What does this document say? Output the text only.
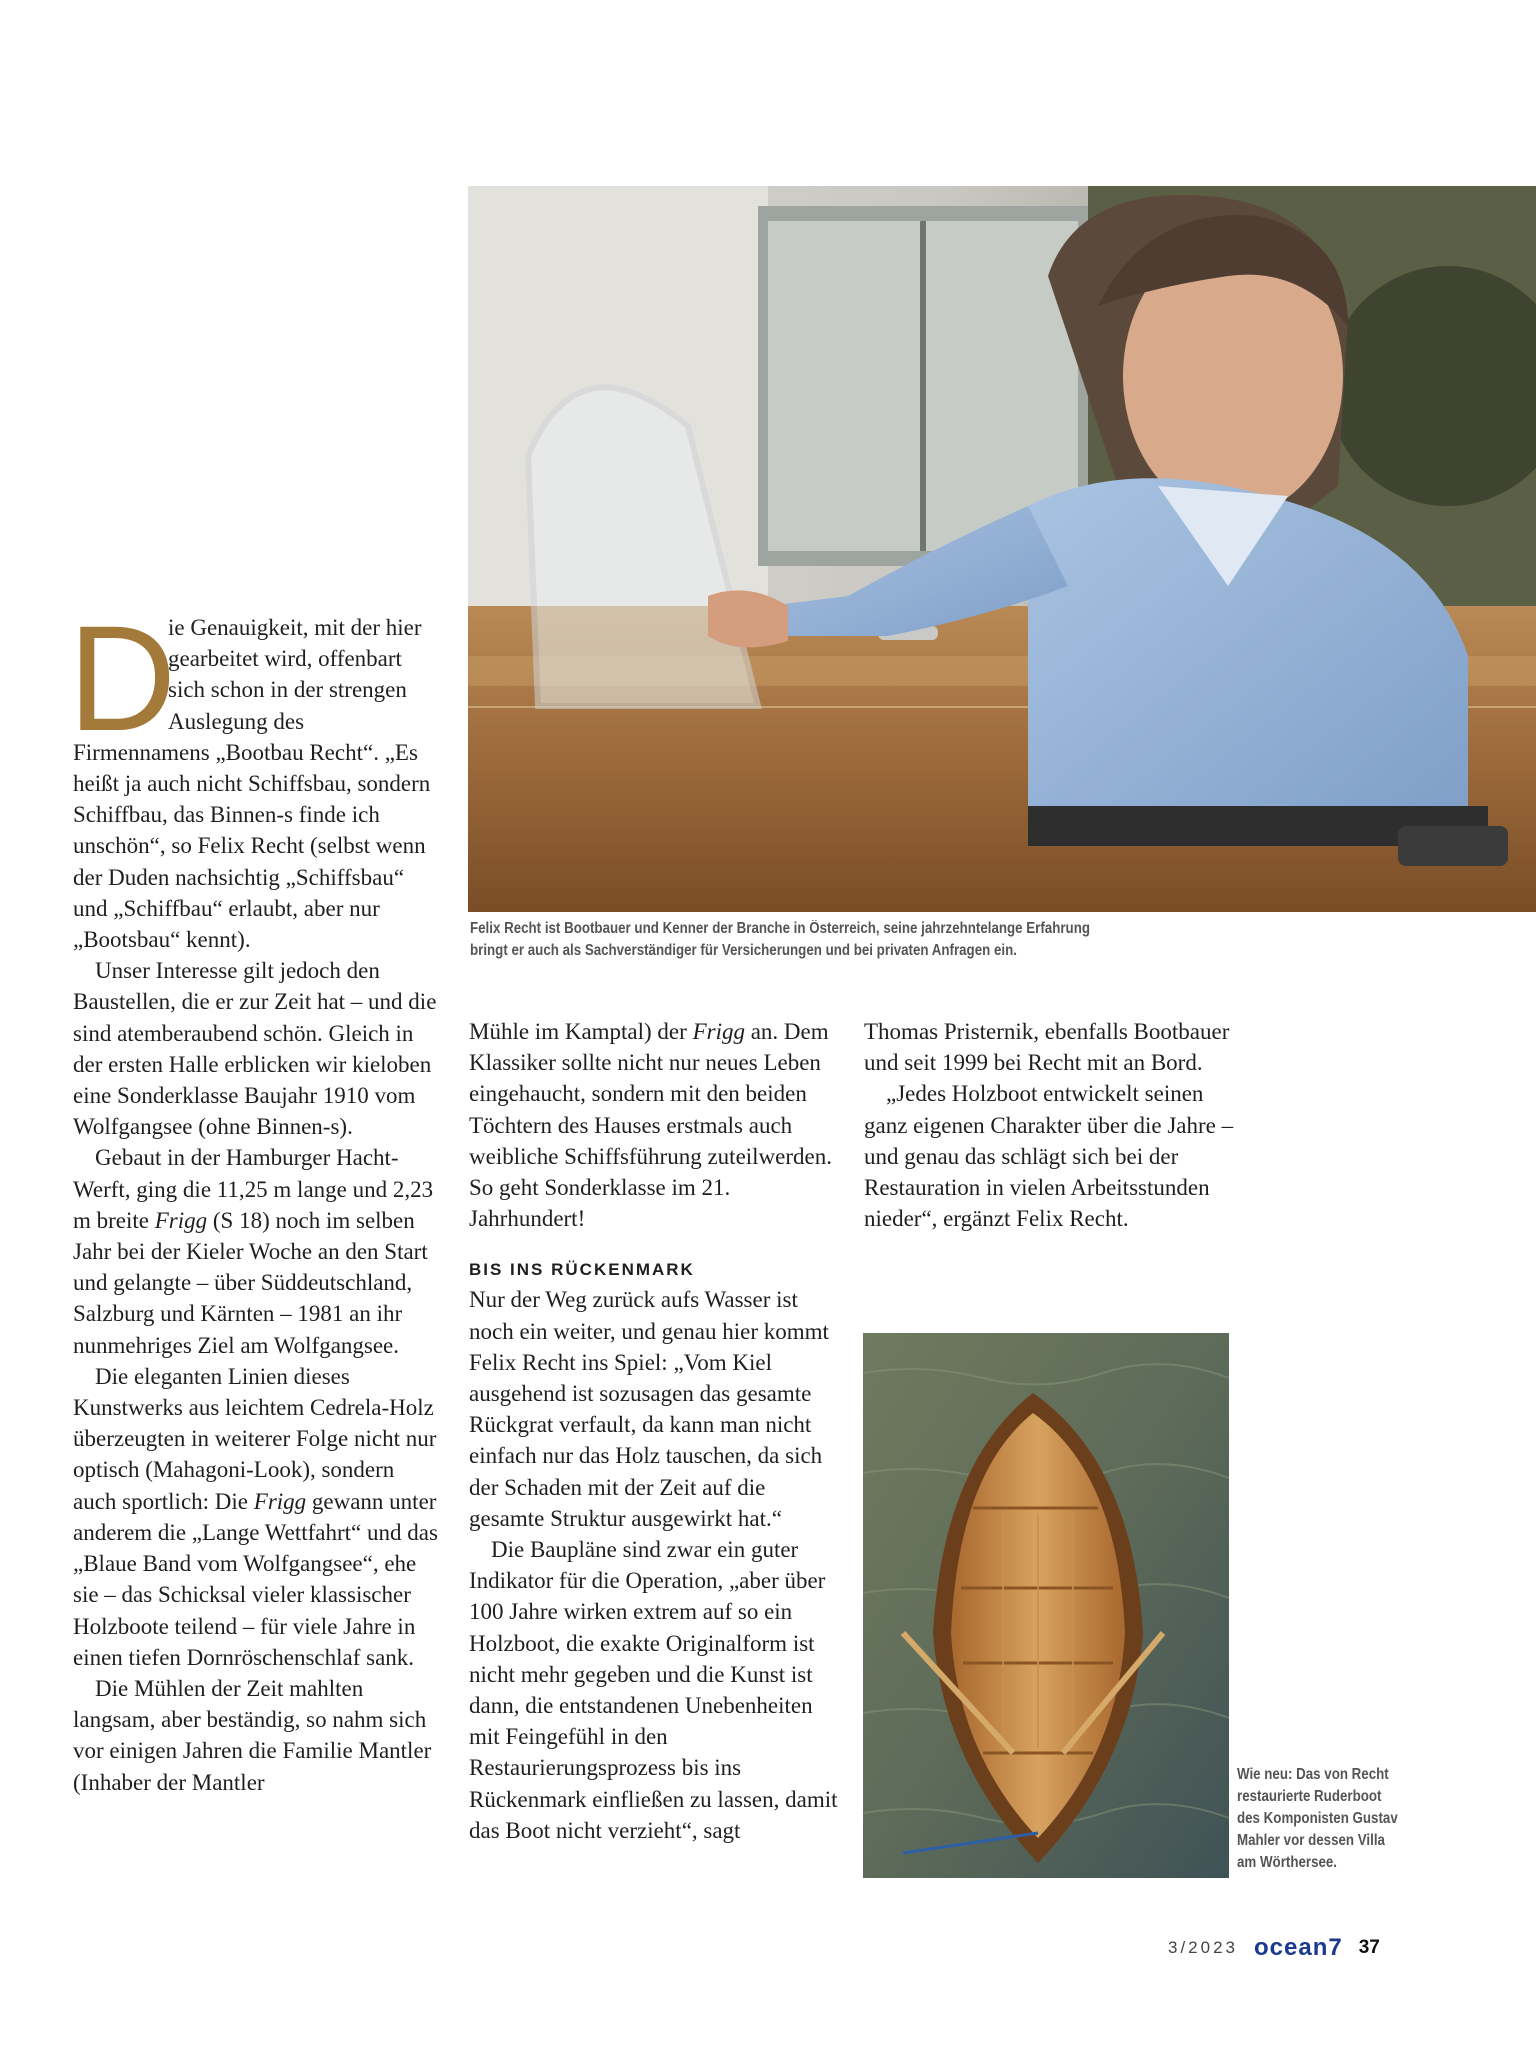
Felix Recht ist Bootbauer und Kenner der Branche in Österreich, seine jahrzehntelange Erfahrung bringt er auch als Sachverständiger für Versicherungen und bei privaten Anfragen ein.
D

ie Genauigkeit, mit der hier gearbeitet wird, offenbart sich schon in der strengen Auslegung des

Firmennamens „Bootbau Recht“. „Es heißt ja auch nicht Schiffsbau, sondern Schiffbau, das Binnen-s finde ich unschön“, so Felix Recht (selbst wenn der Duden nachsichtig „Schiffsbau“ und „Schiffbau“ erlaubt, aber nur „Bootsbau“ kennt).

Unser Interesse gilt jedoch den Baustellen, die er zur Zeit hat – und die sind atemberaubend schön. Gleich in der ersten Halle erblicken wir kieloben eine Sonderklasse Baujahr 1910 vom Wolfgangsee (ohne Binnen-s).

Gebaut in der Hamburger Hacht-Werft, ging die 11,25 m lange und 2,23 m breite Frigg (S 18) noch im selben Jahr bei der Kieler Woche an den Start und gelangte – über Süddeutschland, Salzburg und Kärnten – 1981 an ihr nunmehriges Ziel am Wolfgangsee.

Die eleganten Linien dieses Kunstwerks aus leichtem Cedrela-Holz überzeugten in weiterer Folge nicht nur optisch (Mahagoni-Look), sondern auch sportlich: Die Frigg gewann unter anderem die „Lange Wettfahrt“ und das „Blaue Band vom Wolfgangsee“, ehe sie – das Schicksal vieler klassischer Holzboote teilend – für viele Jahre in einen tiefen Dornröschenschlaf sank.

Die Mühlen der Zeit mahlten langsam, aber beständig, so nahm sich vor einigen Jahren die Familie Mantler (Inhaber der Mantler

Mühle im Kamptal) der Frigg an. Dem Klassiker sollte nicht nur neues Leben eingehaucht, sondern mit den beiden Töchtern des Hauses erstmals auch weibliche Schiffsführung zuteilwerden. So geht Sonderklasse im 21. Jahrhundert!

BIS INS RÜCKENMARK

Nur der Weg zurück aufs Wasser ist noch ein weiter, und genau hier kommt Felix Recht ins Spiel: „Vom Kiel ausgehend ist sozusagen das gesamte Rückgrat verfault, da kann man nicht einfach nur das Holz tauschen, da sich der Schaden mit der Zeit auf die gesamte Struktur ausgewirkt hat.“

Die Baupläne sind zwar ein guter Indikator für die Operation, „aber über 100 Jahre wirken extrem auf so ein Holzboot, die exakte Originalform ist nicht mehr gegeben und die Kunst ist dann, die entstandenen Unebenheiten mit Feingefühl in den Restaurierungsprozess bis ins Rückenmark einfließen zu lassen, damit das Boot nicht verzieht“, sagt

Thomas Pristernik, ebenfalls Bootbauer und seit 1999 bei Recht mit an Bord.

„Jedes Holzboot entwickelt seinen ganz eigenen Charakter über die Jahre – und genau das schlägt sich bei der Restauration in vielen Arbeitsstunden nieder“, ergänzt Felix Recht.

Wie neu: Das von Recht restaurierte Ruderboot des Komponisten Gustav Mahler vor dessen Villa am Wörthersee.
3/2023 ocean7 37
